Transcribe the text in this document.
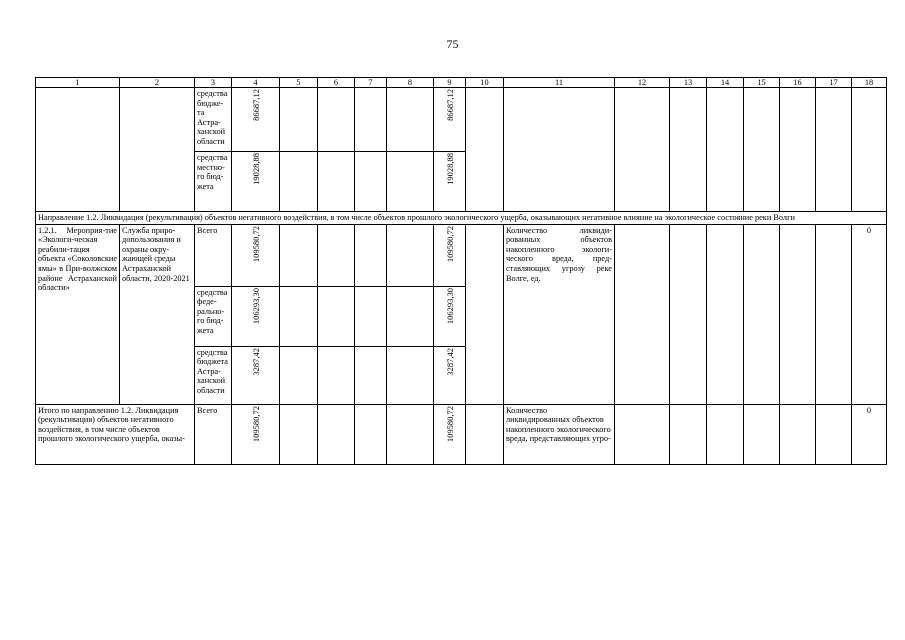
75
1	2	3	4	5	6	7	8	9	10	11	12	13	14	15	16	17	18
		средства бюдже-та Астра-ханской области	86687,12					86687,12									

		средства местно-го бюд-жета	19028,88					19028,88									

Направление 1.2. Ликвидация (рекультивация) объектов негативного воздействия, в том числе объектов прошлого экологического ущерба, оказывающих негативное влияние на экологическое состояние реки Волги																	
1.2.1. Мероприя-тие «Экологи-ческая реабили-тация объекта «Соколовские ямы» в При-волжском районе Астраханской области»	Служба приро-допользования и охраны окру-жающей среды Астраханской области, 2020-2021	Всего	109580,72					109580,72		Количество ликвиди-рованных объектов накопленного экологи-ческого вреда, пред-ставляющих угрозу реке Волге, ед.							0
		средства феде-рально-го бюд-жета	106293,30					106293,30									

		средства бюджета Астра-ханской области	3287,42					3287,42									

Итого по направлению 1.2. Ликвидация (рекультивация) объектов негативного воздействия, в том числе объектов прошлого экологического ущерба, оказы-		Всего	109580,72					109580,72		Количество ликвидированных объектов накопленного экологического вреда, представляющих угро-							0
